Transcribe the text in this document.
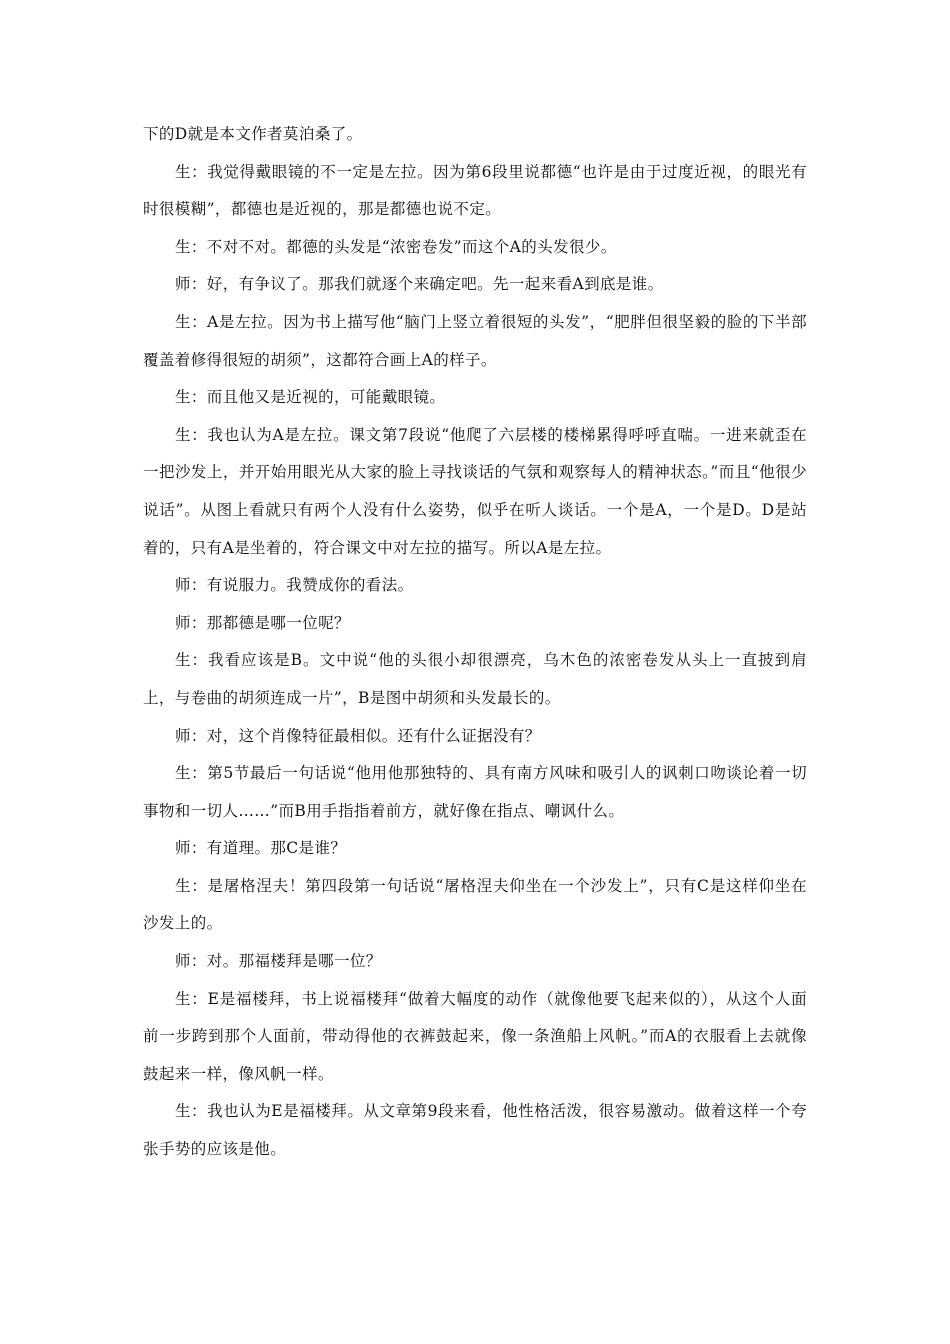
下的D就是本文作者莫泊桑了。

生：我觉得戴眼镜的不一定是左拉。因为第6段里说都德“也许是由于过度近视，的眼光有时很模糊”，都德也是近视的，那是都德也说不定。

生：不对不对。都德的头发是“浓密卷发”而这个A的头发很少。

师：好，有争议了。那我们就逐个来确定吧。先一起来看A到底是谁。

生：A是左拉。因为书上描写他“脑门上竖立着很短的头发”，“肥胖但很坚毅的脸的下半部覆盖着修得很短的胡须”，这都符合画上A的样子。

生：而且他又是近视的，可能戴眼镜。

生：我也认为A是左拉。课文第7段说“他爬了六层楼的楼梯累得呼呼直喘。一进来就歪在一把沙发上，并开始用眼光从大家的脸上寻找谈话的气氛和观察每人的精神状态。”而且“他很少说话”。从图上看就只有两个人没有什么姿势，似乎在听人谈话。一个是A，一个是D。D是站着的，只有A是坐着的，符合课文中对左拉的描写。所以A是左拉。

师：有说服力。我赞成你的看法。

师：那都德是哪一位呢？

生：我看应该是B。文中说“他的头很小却很漂亮，乌木色的浓密卷发从头上一直披到肩上，与卷曲的胡须连成一片”，B是图中胡须和头发最长的。

师：对，这个肖像特征最相似。还有什么证据没有？

生：第5节最后一句话说“他用他那独特的、具有南方风味和吸引人的讽刺口吻谈论着一切事物和一切人……”而B用手指指着前方，就好像在指点、嘲讽什么。

师：有道理。那C是谁？

生：是屠格涅夫！第四段第一句话说“屠格涅夫仰坐在一个沙发上”，只有C是这样仰坐在沙发上的。

师：对。那福楼拜是哪一位？

生：E是福楼拜，书上说福楼拜“做着大幅度的动作（就像他要飞起来似的），从这个人面前一步跨到那个人面前，带动得他的衣裤鼓起来，像一条渔船上风帆。”而A的衣服看上去就像鼓起来一样，像风帆一样。

生：我也认为E是福楼拜。从文章第9段来看，他性格活泼，很容易激动。做着这样一个夸张手势的应该是他。
